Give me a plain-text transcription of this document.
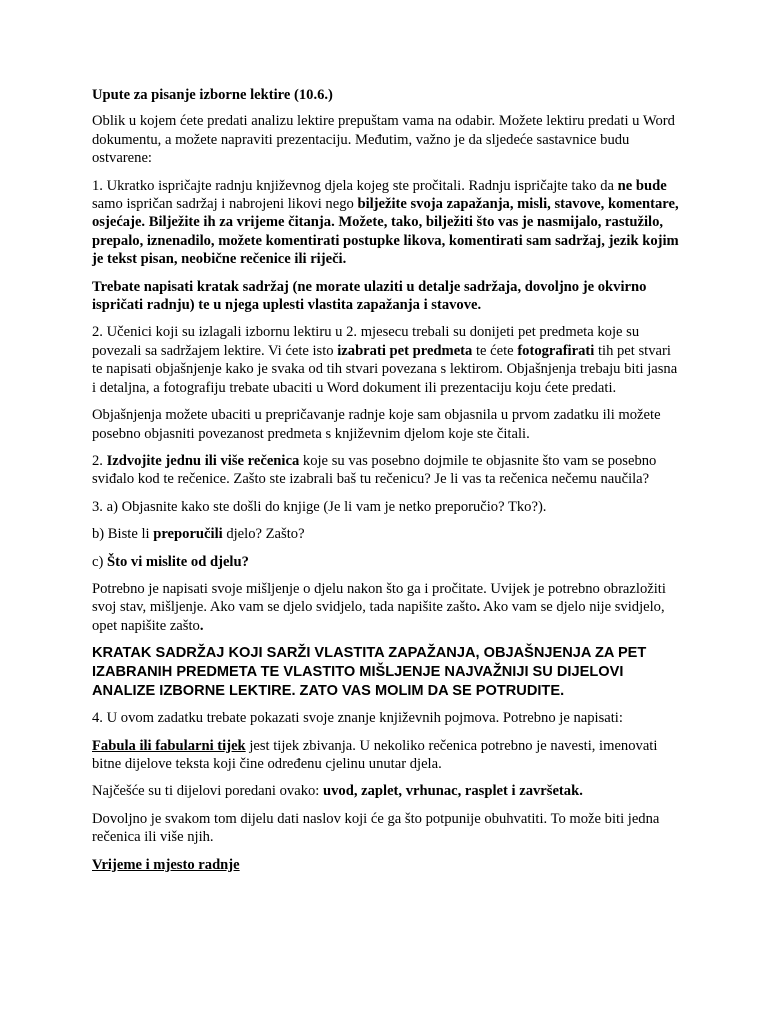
Upute za pisanje izborne lektire (10.6.)

Oblik u kojem ćete predati analizu lektire prepuštam vama na odabir. Možete lektiru predati u Word dokumentu, a možete napraviti prezentaciju. Međutim, važno je da sljedeće sastavnice budu ostvarene:

1. Ukratko ispričajte radnju književnog djela kojeg ste pročitali. Radnju ispričajte tako da ne bude samo ispričan sadržaj i nabrojeni likovi nego bilježite svoja zapažanja, misli, stavove, komentare, osjećaje. Bilježite ih za vrijeme čitanja. Možete, tako, bilježiti što vas je nasmijalo, rastužilo, prepalo, iznenadilo, možete komentirati postupke likova, komentirati sam sadržaj, jezik kojim je tekst pisan, neobične rečenice ili riječi.

Trebate napisati kratak sadržaj (ne morate ulaziti u detalje sadržaja, dovoljno je okvirno ispričati radnju) te u njega uplesti vlastita zapažanja i stavove.

2. Učenici koji su izlagali izbornu lektiru u 2. mjesecu trebali su donijeti pet predmeta koje su povezali sa sadržajem lektire. Vi ćete isto izabrati pet predmeta te ćete fotografirati tih pet stvari te napisati objašnjenje kako je svaka od tih stvari povezana s lektirom. Objašnjenja trebaju biti jasna i detaljna, a fotografiju trebate ubaciti u Word dokument ili prezentaciju koju ćete predati.

Objašnjenja možete ubaciti u prepričavanje radnje koje sam objasnila u prvom zadatku ili možete posebno objasniti povezanost predmeta s književnim djelom koje ste čitali.

2. Izdvojite jednu ili više rečenica koje su vas posebno dojmile te objasnite što vam se posebno sviđalo kod te rečenice. Zašto ste izabrali baš tu rečenicu? Je li vas ta rečenica nečemu naučila?

3. a) Objasnite kako ste došli do knjige (Je li vam je netko preporučio? Tko?).

b) Biste li preporučili djelo? Zašto?

c) Što vi mislite od djelu?

Potrebno je napisati svoje mišljenje o djelu nakon što ga i pročitate. Uvijek je potrebno obrazložiti svoj stav, mišljenje. Ako vam se djelo svidjelo, tada napišite zašto. Ako vam se djelo nije svidjelo, opet napišite zašto.

KRATAK SADRŽAJ KOJI SARŽI VLASTITA ZAPAŽANJA, OBJAŠNJENJA ZA PET IZABRANIH PREDMETA TE VLASTITO MIŠLJENJE NAJVAŽNIJI SU DIJELOVI ANALIZE IZBORNE LEKTIRE. ZATO VAS MOLIM DA SE POTRUDITE.

4. U ovom zadatku trebate pokazati svoje znanje književnih pojmova. Potrebno je napisati:

Fabula ili fabularni tijek jest tijek zbivanja. U nekoliko rečenica potrebno je navesti, imenovati bitne dijelove teksta koji čine određenu cjelinu unutar djela.

Najčešće su ti dijelovi poredani ovako: uvod, zaplet, vrhunac, rasplet i završetak.

Dovoljno je svakom tom dijelu dati naslov koji će ga što potpunije obuhvatiti. To može biti jedna rečenica ili više njih.

Vrijeme i mjesto radnje
